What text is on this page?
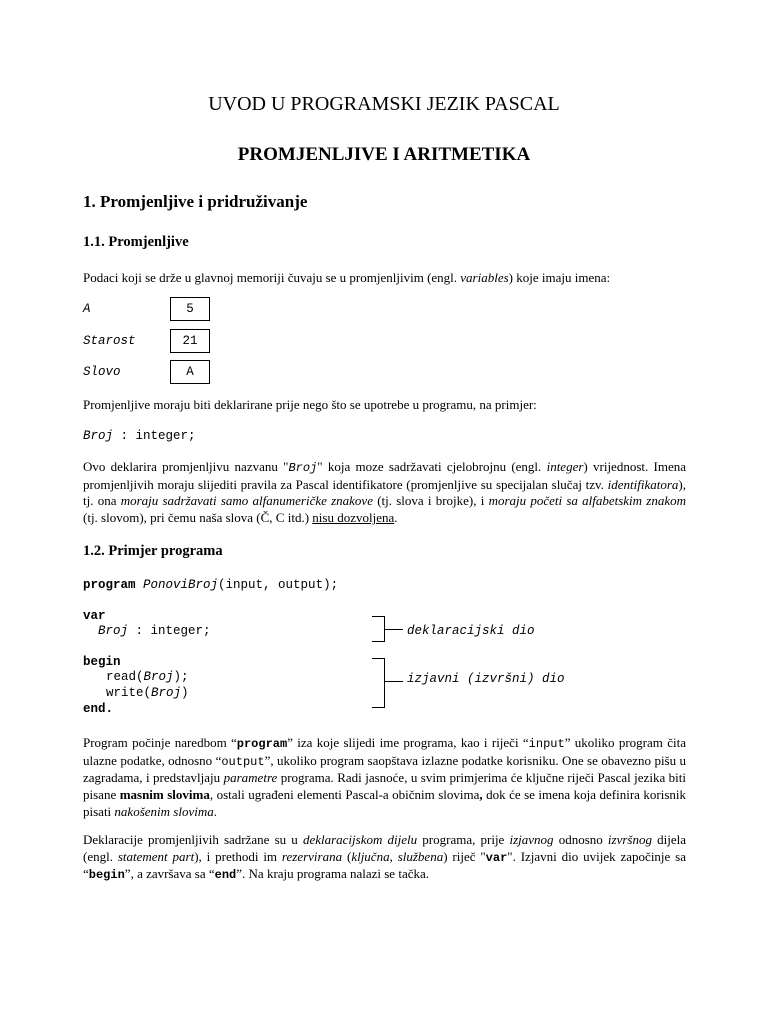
UVOD U PROGRAMSKI JEZIK PASCAL
PROMJENLJIVE I ARITMETIKA
1. Promjenljive i pridruživanje
1.1. Promjenljive
Podaci koji se drže u glavnoj memoriji čuvaju se u promjenljivim (engl. variables) koje imaju imena:
A	5
Starost	21
Slovo	A
Promjenljive moraju biti deklarirane prije nego što se upotrebe u programu, na primjer:
Broj : integer;
Ovo deklarira promjenljivu nazvanu "Broj" koja moze sadržavati cjelobrojnu (engl. integer) vrijednost. Imena promjenljivih moraju slijediti pravila za Pascal identifikatore (promjenljive su specijalan slučaj tzv. identifikatora), tj. ona moraju sadržavati samo alfanumeričke znakove (tj. slova i brojke), i moraju početi sa alfabetskim znakom (tj. slovom), pri čemu naša slova (Č, C itd.) nisu dozvoljena.
1.2. Primjer programa
program PonoviBroj(input, output);
var
Broj : integer;
begin
read(Broj);
write(Broj)
end.
deklaracijski dio
izjavni (izvršni) dio
Program počinje naredbom “program” iza koje slijedi ime programa, kao i riječi “input” ukoliko program čita ulazne podatke, odnosno “output”, ukoliko program saopštava izlazne podatke korisniku. One se obavezno pišu u zagradama, i predstavljaju parametre programa. Radi jasnoće, u svim primjerima će ključne riječi Pascal jezika biti pisane masnim slovima, ostali ugrađeni elementi Pascal-a običnim slovima, dok će se imena koja definira korisnik pisati nakošenim slovima.
Deklaracije promjenljivih sadržane su u deklaracijskom dijelu programa, prije izjavnog odnosno izvršnog dijela (engl. statement part), i prethodi im rezervirana (ključna, službena) riječ "var". Izjavni dio uvijek započinje sa “begin”, a završava sa “end”. Na kraju programa nalazi se tačka.
